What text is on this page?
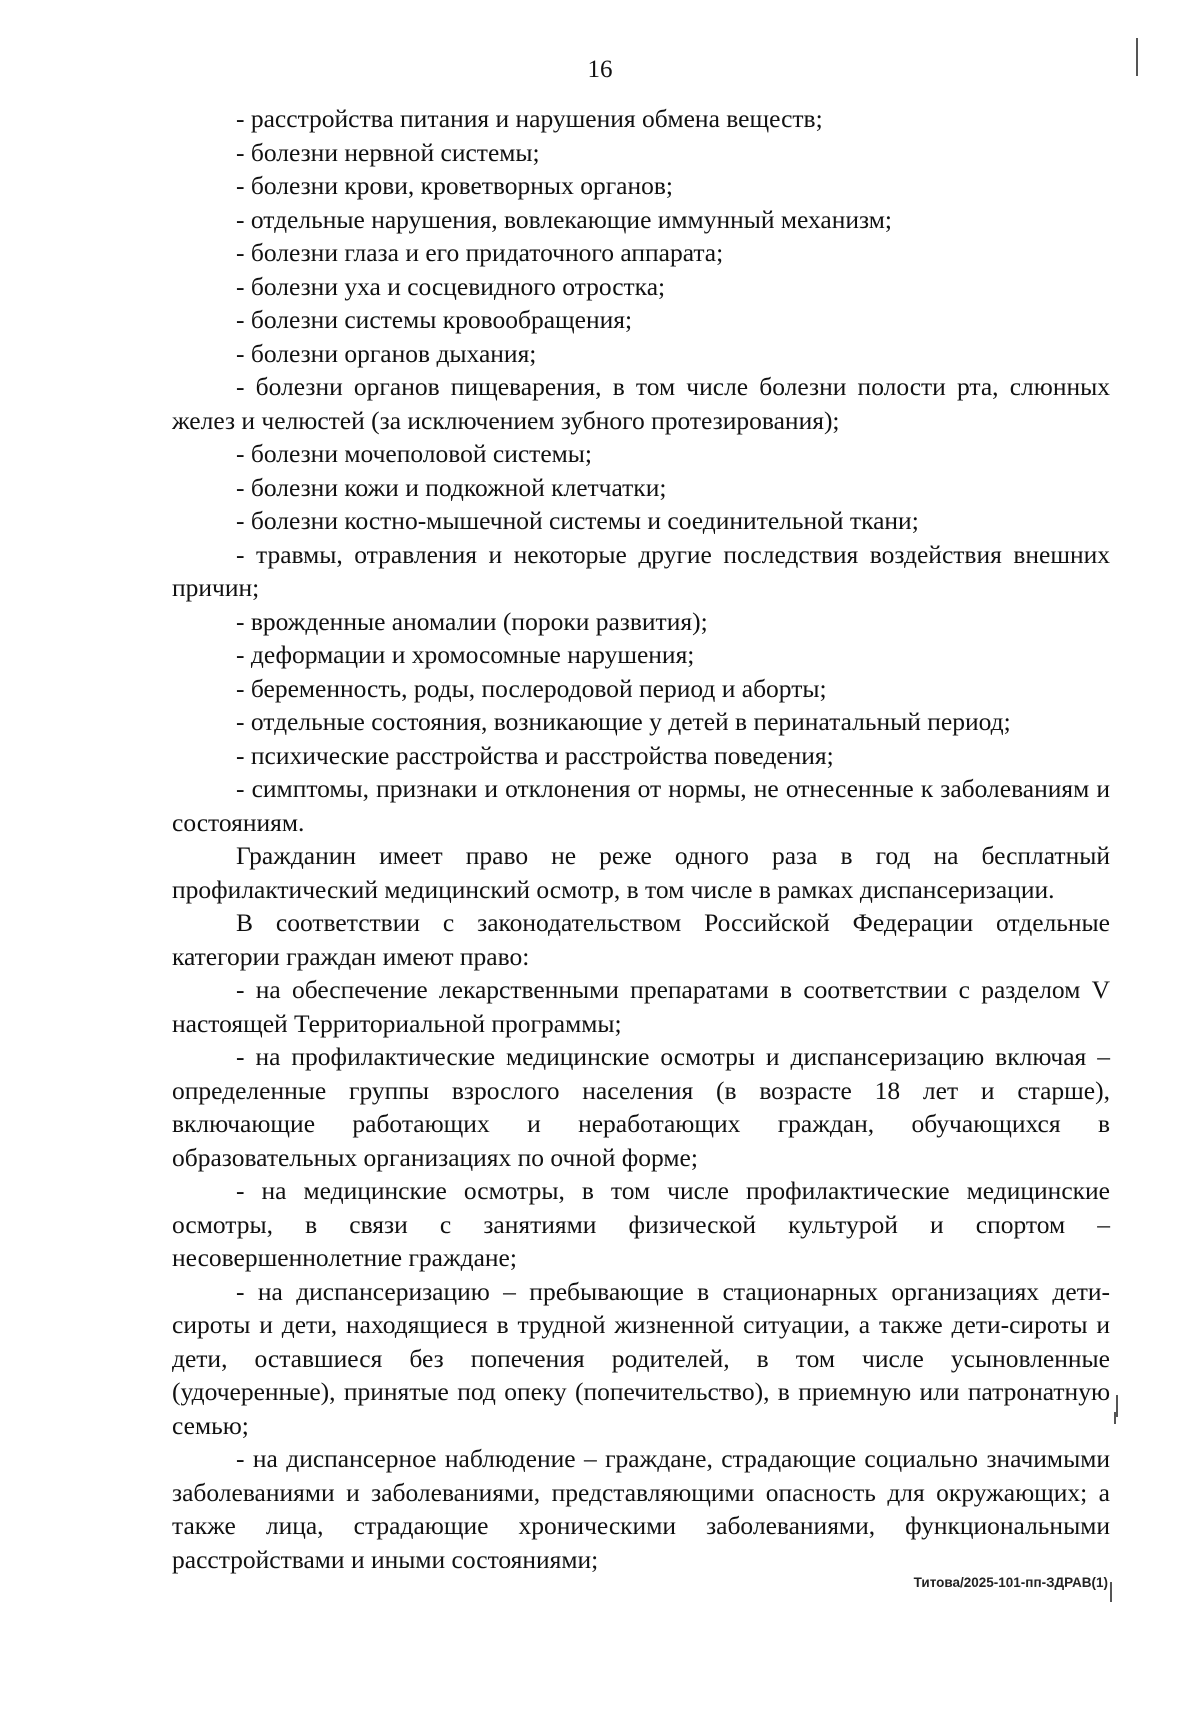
16

- расстройства питания и нарушения обмена веществ;

- болезни нервной системы;

- болезни крови, кроветворных органов;

- отдельные нарушения, вовлекающие иммунный механизм;

- болезни глаза и его придаточного аппарата;

- болезни уха и сосцевидного отростка;

- болезни системы кровообращения;

- болезни органов дыхания;

- болезни органов пищеварения, в том числе болезни полости рта, слюнных желез и челюстей (за исключением зубного протезирования);

- болезни мочеполовой системы;

- болезни кожи и подкожной клетчатки;

- болезни костно-мышечной системы и соединительной ткани;

- травмы, отравления и некоторые другие последствия воздействия внешних причин;

- врожденные аномалии (пороки развития);

- деформации и хромосомные нарушения;

- беременность, роды, послеродовой период и аборты;

- отдельные состояния, возникающие у детей в перинатальный период;

- психические расстройства и расстройства поведения;

- симптомы, признаки и отклонения от нормы, не отнесенные к заболеваниям и состояниям.

Гражданин имеет право не реже одного раза в год на бесплатный профилактический медицинский осмотр, в том числе в рамках диспансеризации.

В соответствии с законодательством Российской Федерации отдельные категории граждан имеют право:

- на обеспечение лекарственными препаратами в соответствии с разделом V настоящей Территориальной программы;

- на профилактические медицинские осмотры и диспансеризацию включая – определенные группы взрослого населения (в возрасте 18 лет и старше), включающие работающих и неработающих граждан, обучающихся в образовательных организациях по очной форме;

- на медицинские осмотры, в том числе профилактические медицинские осмотры, в связи с занятиями физической культурой и спортом – несовершеннолетние граждане;

- на диспансеризацию – пребывающие в стационарных организациях дети-сироты и дети, находящиеся в трудной жизненной ситуации, а также дети-сироты и дети, оставшиеся без попечения родителей, в том числе усыновленные (удочеренные), принятые под опеку (попечительство), в приемную или патронатную семью;

- на диспансерное наблюдение – граждане, страдающие социально значимыми заболеваниями и заболеваниями, представляющими опасность для окружающих; а также лица, страдающие хроническими заболеваниями, функциональными расстройствами и иными состояниями;

Титова/2025-101-пп-ЗДРАВ(1)
